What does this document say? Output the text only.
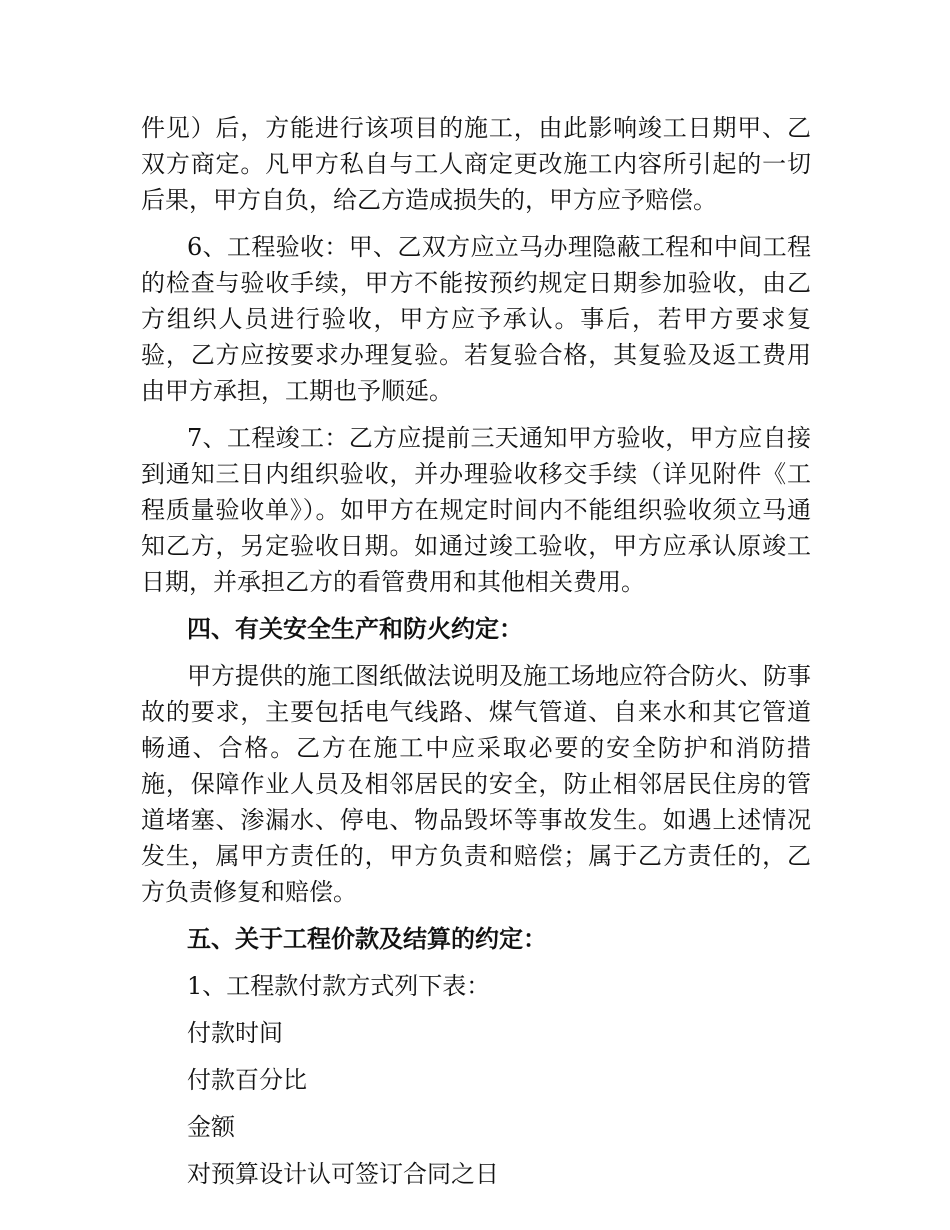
件见）后，方能进行该项目的施工，由此影响竣工日期甲、乙双方商定。凡甲方私自与工人商定更改施工内容所引起的一切后果，甲方自负，给乙方造成损失的，甲方应予赔偿。

6、工程验收：甲、乙双方应立马办理隐蔽工程和中间工程的检查与验收手续，甲方不能按预约规定日期参加验收，由乙方组织人员进行验收，甲方应予承认。事后，若甲方要求复验，乙方应按要求办理复验。若复验合格，其复验及返工费用由甲方承担，工期也予顺延。

7、工程竣工：乙方应提前三天通知甲方验收，甲方应自接到通知三日内组织验收，并办理验收移交手续（详见附件《工程质量验收单》）。如甲方在规定时间内不能组织验收须立马通知乙方，另定验收日期。如通过竣工验收，甲方应承认原竣工日期，并承担乙方的看管费用和其他相关费用。

四、有关安全生产和防火约定：

甲方提供的施工图纸做法说明及施工场地应符合防火、防事故的要求，主要包括电气线路、煤气管道、自来水和其它管道畅通、合格。乙方在施工中应采取必要的安全防护和消防措施，保障作业人员及相邻居民的安全，防止相邻居民住房的管道堵塞、渗漏水、停电、物品毁坏等事故发生。如遇上述情况发生，属甲方责任的，甲方负责和赔偿；属于乙方责任的，乙方负责修复和赔偿。

五、关于工程价款及结算的约定：

1、工程款付款方式列下表：

付款时间

付款百分比

金额

对预算设计认可签订合同之日
